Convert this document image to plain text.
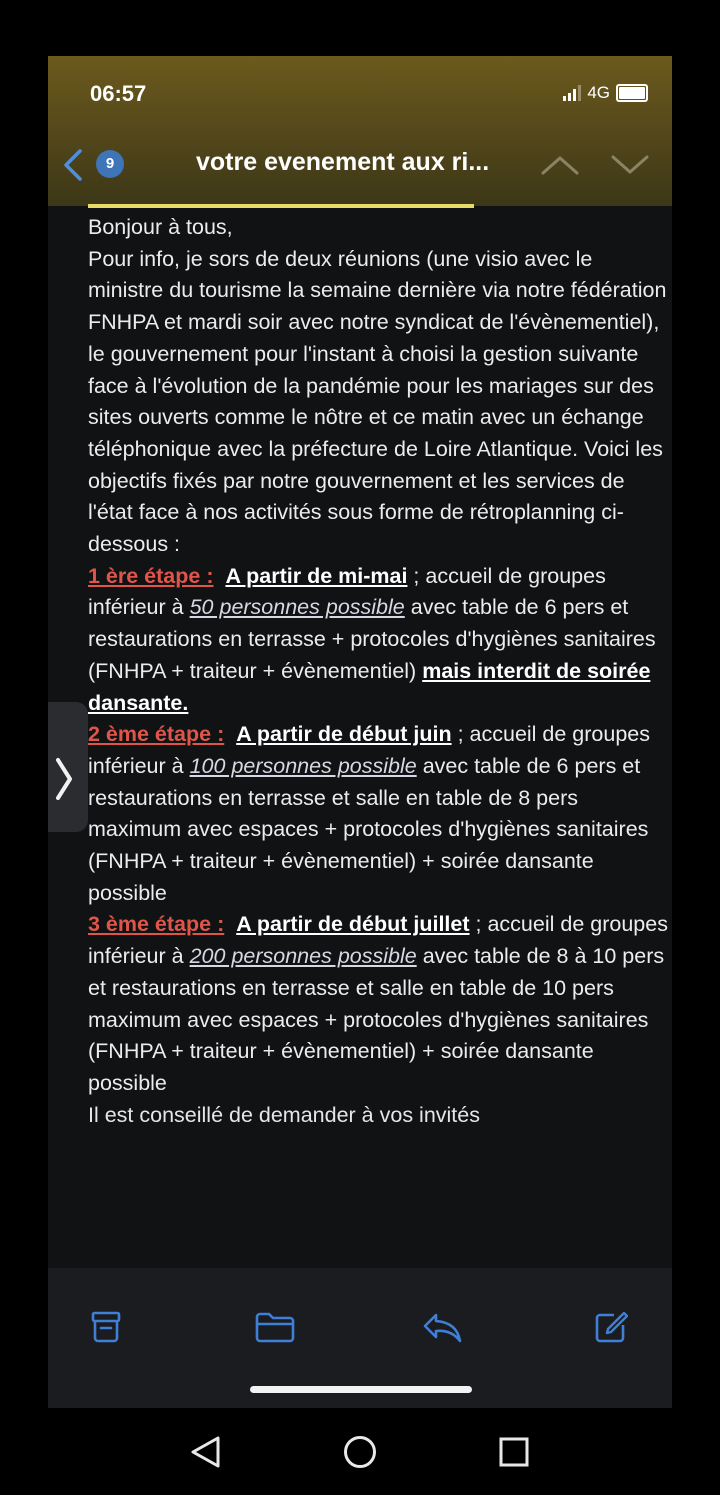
06:57	4G
9	votre evenement aux ri...

Bonjour à tous,

Pour info, je sors de deux réunions (une visio avec le ministre du tourisme la semaine dernière via notre fédération FNHPA et mardi soir avec notre syndicat de l'évènementiel), le gouvernement pour l'instant à choisi la gestion suivante face à l'évolution de la pandémie pour les mariages sur des sites ouverts comme le nôtre et ce matin avec un échange téléphonique avec la préfecture de Loire Atlantique. Voici les objectifs fixés par notre gouvernement et les services de l'état face à nos activités sous forme de rétroplanning ci-dessous :

1 ère étape : A partir de mi-mai ; accueil de groupes inférieur à 50 personnes possible avec table de 6 pers et restaurations en terrasse + protocoles d'hygiènes sanitaires (FNHPA + traiteur + évènementiel) mais interdit de soirée dansante.

2 ème étape : A partir de début juin ; accueil de groupes inférieur à 100 personnes possible avec table de 6 pers et restaurations en terrasse et salle en table de 8 pers maximum avec espaces + protocoles d'hygiènes sanitaires (FNHPA + traiteur + évènementiel) + soirée dansante possible

3 ème étape : A partir de début juillet ; accueil de groupes inférieur à 200 personnes possible avec table de 8 à 10 pers et restaurations en terrasse et salle en table de 10 pers maximum avec espaces + protocoles d'hygiènes sanitaires (FNHPA + traiteur + évènementiel) + soirée dansante possible

Il est conseillé de demander à vos invités
